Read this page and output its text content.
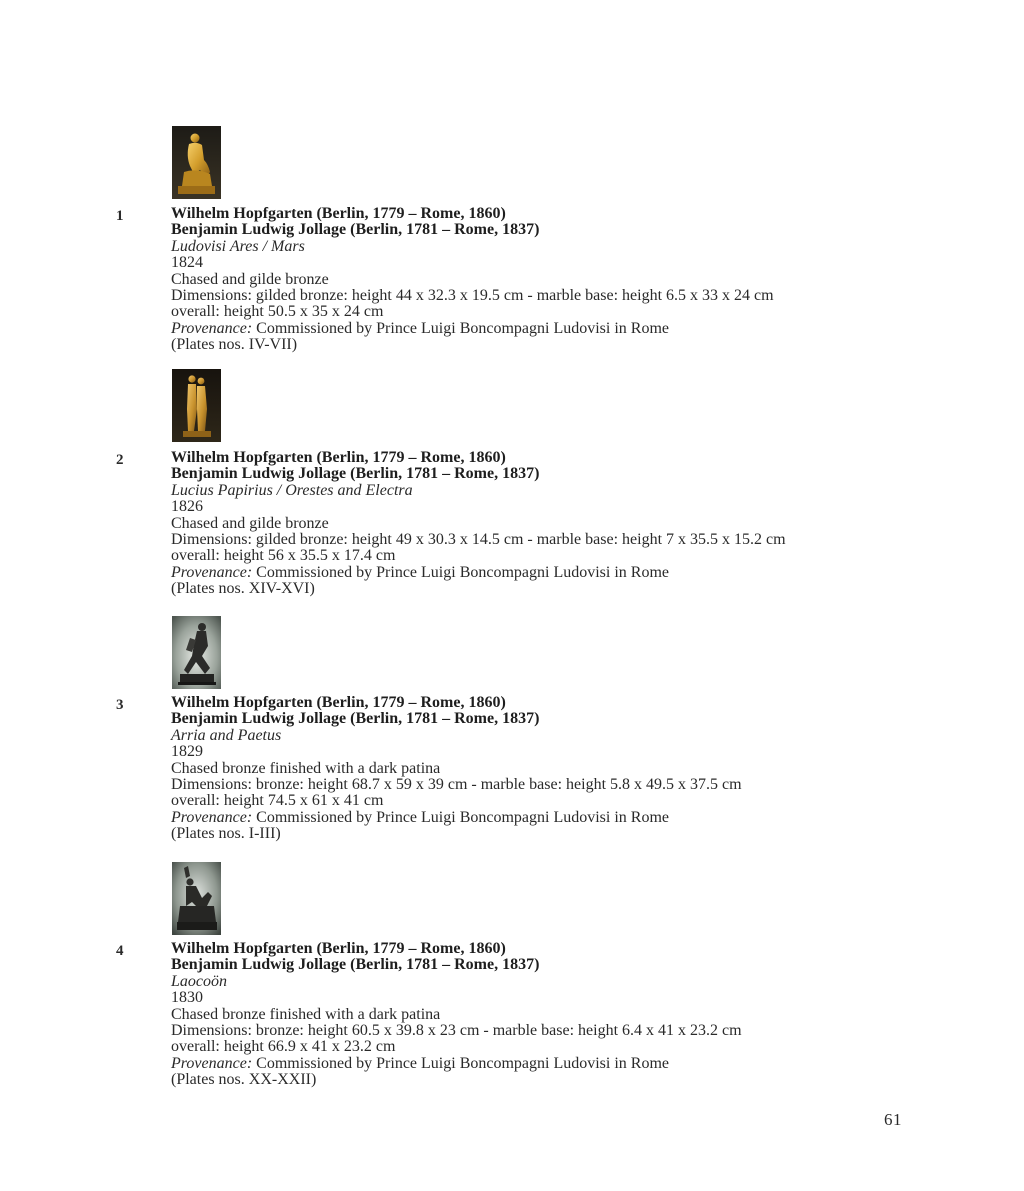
1	Wilhelm Hopfgarten (Berlin, 1779 – Rome, 1860)
Benjamin Ludwig Jollage (Berlin, 1781 – Rome, 1837)
Ludovisi Ares / Mars
1824
Chased and gilde bronze
Dimensions: gilded bronze: height 44 x 32.3 x 19.5 cm - marble base: height 6.5 x 33 x 24 cm
overall: height 50.5 x 35 x 24 cm
Provenance: Commissioned by Prince Luigi Boncompagni Ludovisi in Rome
(Plates nos. IV-VII)
2	Wilhelm Hopfgarten (Berlin, 1779 – Rome, 1860)
Benjamin Ludwig Jollage (Berlin, 1781 – Rome, 1837)
Lucius Papirius / Orestes and Electra
1826
Chased and gilde bronze
Dimensions: gilded bronze: height 49 x 30.3 x 14.5 cm - marble base: height 7 x 35.5 x 15.2 cm
overall: height 56 x 35.5 x 17.4 cm
Provenance: Commissioned by Prince Luigi Boncompagni Ludovisi in Rome
(Plates nos. XIV-XVI)
3	Wilhelm Hopfgarten (Berlin, 1779 – Rome, 1860)
Benjamin Ludwig Jollage (Berlin, 1781 – Rome, 1837)
Arria and Paetus
1829
Chased bronze finished with a dark patina
Dimensions: bronze: height 68.7 x 59 x 39 cm - marble base: height 5.8 x 49.5 x 37.5 cm
overall: height 74.5 x 61 x 41 cm
Provenance: Commissioned by Prince Luigi Boncompagni Ludovisi in Rome
(Plates nos. I-III)
4	Wilhelm Hopfgarten (Berlin, 1779 – Rome, 1860)
Benjamin Ludwig Jollage (Berlin, 1781 – Rome, 1837)
Laocoön
1830
Chased bronze finished with a dark patina
Dimensions: bronze: height 60.5 x 39.8 x 23 cm - marble base: height 6.4 x 41 x 23.2 cm
overall: height 66.9 x 41 x 23.2 cm
Provenance: Commissioned by Prince Luigi Boncompagni Ludovisi in Rome
(Plates nos. XX-XXII)
61
